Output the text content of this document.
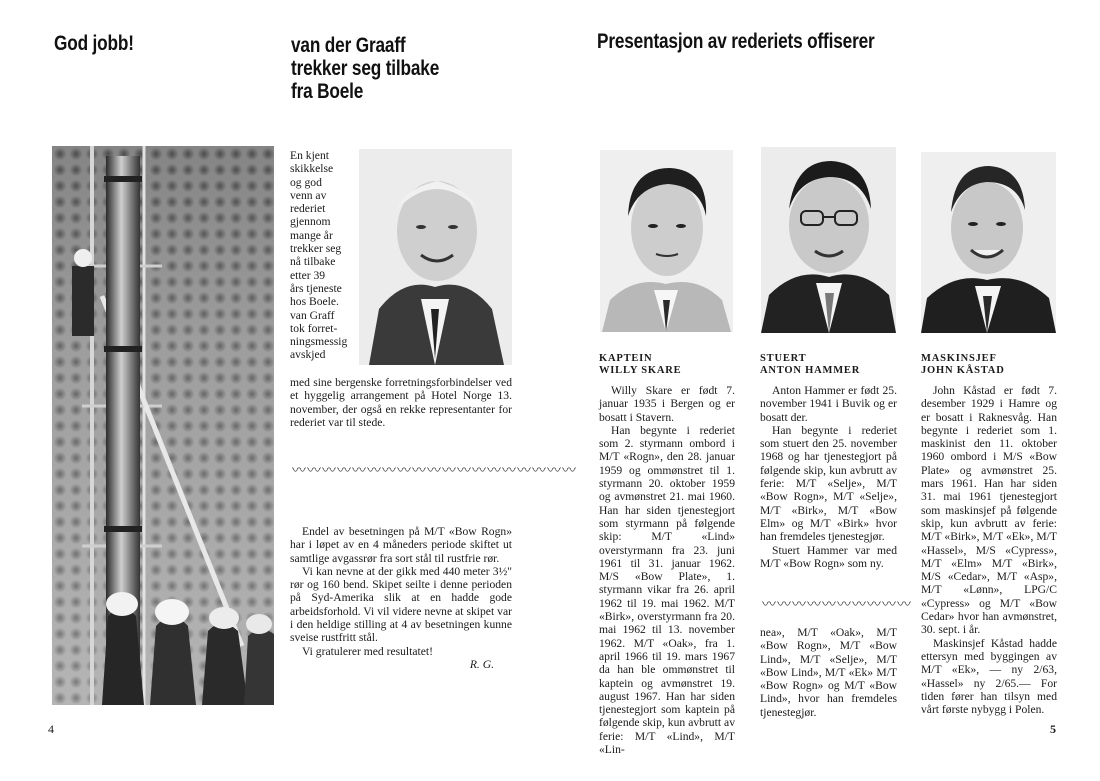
God jobb!	van der Graaff
trekker seg tilbake
fra Boele
En kjent
skikkelse
og god
venn av
rederiet
gjennom
mange år
trekker seg
nå tilbake
etter 39
års tjeneste
hos Boele.
van Graff
tok forret-
ningsmessig
avskjed
med sine bergenske forretningsforbindelser ved et hyggelig arrangement på Hotel Norge 13. november, der også en rekke representanter for rederiet var til stede.
〰〰〰〰〰〰〰〰〰〰〰〰〰〰〰〰〰〰〰

Endel av besetningen på M/T «Bow Rogn» har i løpet av en 4 måneders periode skiftet ut samtlige avgassrør fra sort stål til rustfrie rør.

Vi kan nevne at der gikk med 440 meter 3½" rør og 160 bend. Skipet seilte i denne perioden på Syd-Amerika slik at en hadde gode arbeidsforhold. Vi vil videre nevne at skipet var i den heldige stilling at 4 av besetningen kunne sveise rustfritt stål.

Vi gratulerer med resultatet!

R. G.

4
Presentasjon av rederiets offiserer
KAPTEIN
WILLY SKARE

Willy Skare er født 7. januar 1935 i Bergen og er bosatt i Stavern.

Han begynte i rederiet som 2. styrmann ombord i M/T «Rogn», den 28. januar 1959 og ommønstret til 1. styrmann 20. oktober 1959 og avmønstret 21. mai 1960. Han har siden tjenestegjort som styrmann på følgende skip: M/T «Lind» overstyrmann fra 23. juni 1961 til 31. januar 1962. M/S «Bow Plate», 1. styrmann vikar fra 26. april 1962 til 19. mai 1962. M/T «Birk», overstyrmann fra 20. mai 1962 til 13. november 1962. M/T «Oak», fra 1. april 1966 til 19. mars 1967 da han ble ommønstret til kaptein og avmønstret 19. august 1967. Han har siden tjenestegjort som kaptein på følgende skip, kun avbrutt av ferie: M/T «Lind», M/T «Lin-

STUERT
ANTON HAMMER

Anton Hammer er født 25. november 1941 i Buvik og er bosatt der.

Han begynte i rederiet som stuert den 25. november 1968 og har tjenestegjort på følgende skip, kun avbrutt av ferie: M/T «Selje», M/T «Bow Rogn», M/T «Selje», M/T «Birk», M/T «Bow Elm» og M/T «Birk» hvor han fremdeles tjenestegjør.

Stuert Hammer var med M/T «Bow Rogn» som ny.

〰〰〰〰〰〰〰〰〰〰
nea», M/T «Oak», M/T «Bow Rogn», M/T «Bow Lind», M/T «Selje», M/T «Bow Lind», M/T «Ek» M/T «Bow Rogn» og M/T «Bow Lind», hvor han fremdeles tjenestegjør.
MASKINSJEF
JOHN KÅSTAD

John Kåstad er født 7. desember 1929 i Hamre og er bosatt i Raknesvåg. Han begynte i rederiet som 1. maskinist den 11. oktober 1960 ombord i M/S «Bow Plate» og avmønstret 25. mars 1961. Han har siden 31. mai 1961 tjenestegjort som maskinsjef på følgende skip, kun avbrutt av ferie: M/T «Birk», M/T «Ek», M/T «Hassel», M/S «Cypress», M/T «Elm» M/T «Birk», M/S «Cedar», M/T «Asp», M/T «Lønn», LPG/C «Cypress» og M/T «Bow Cedar» hvor han avmønstret, 30. sept. i år.

Maskinsjef Kåstad hadde ettersyn med byggingen av M/T «Ek», — ny 2/63, «Hassel» ny 2/65.— For tiden fører han tilsyn med vårt første nybygg i Polen.

5
